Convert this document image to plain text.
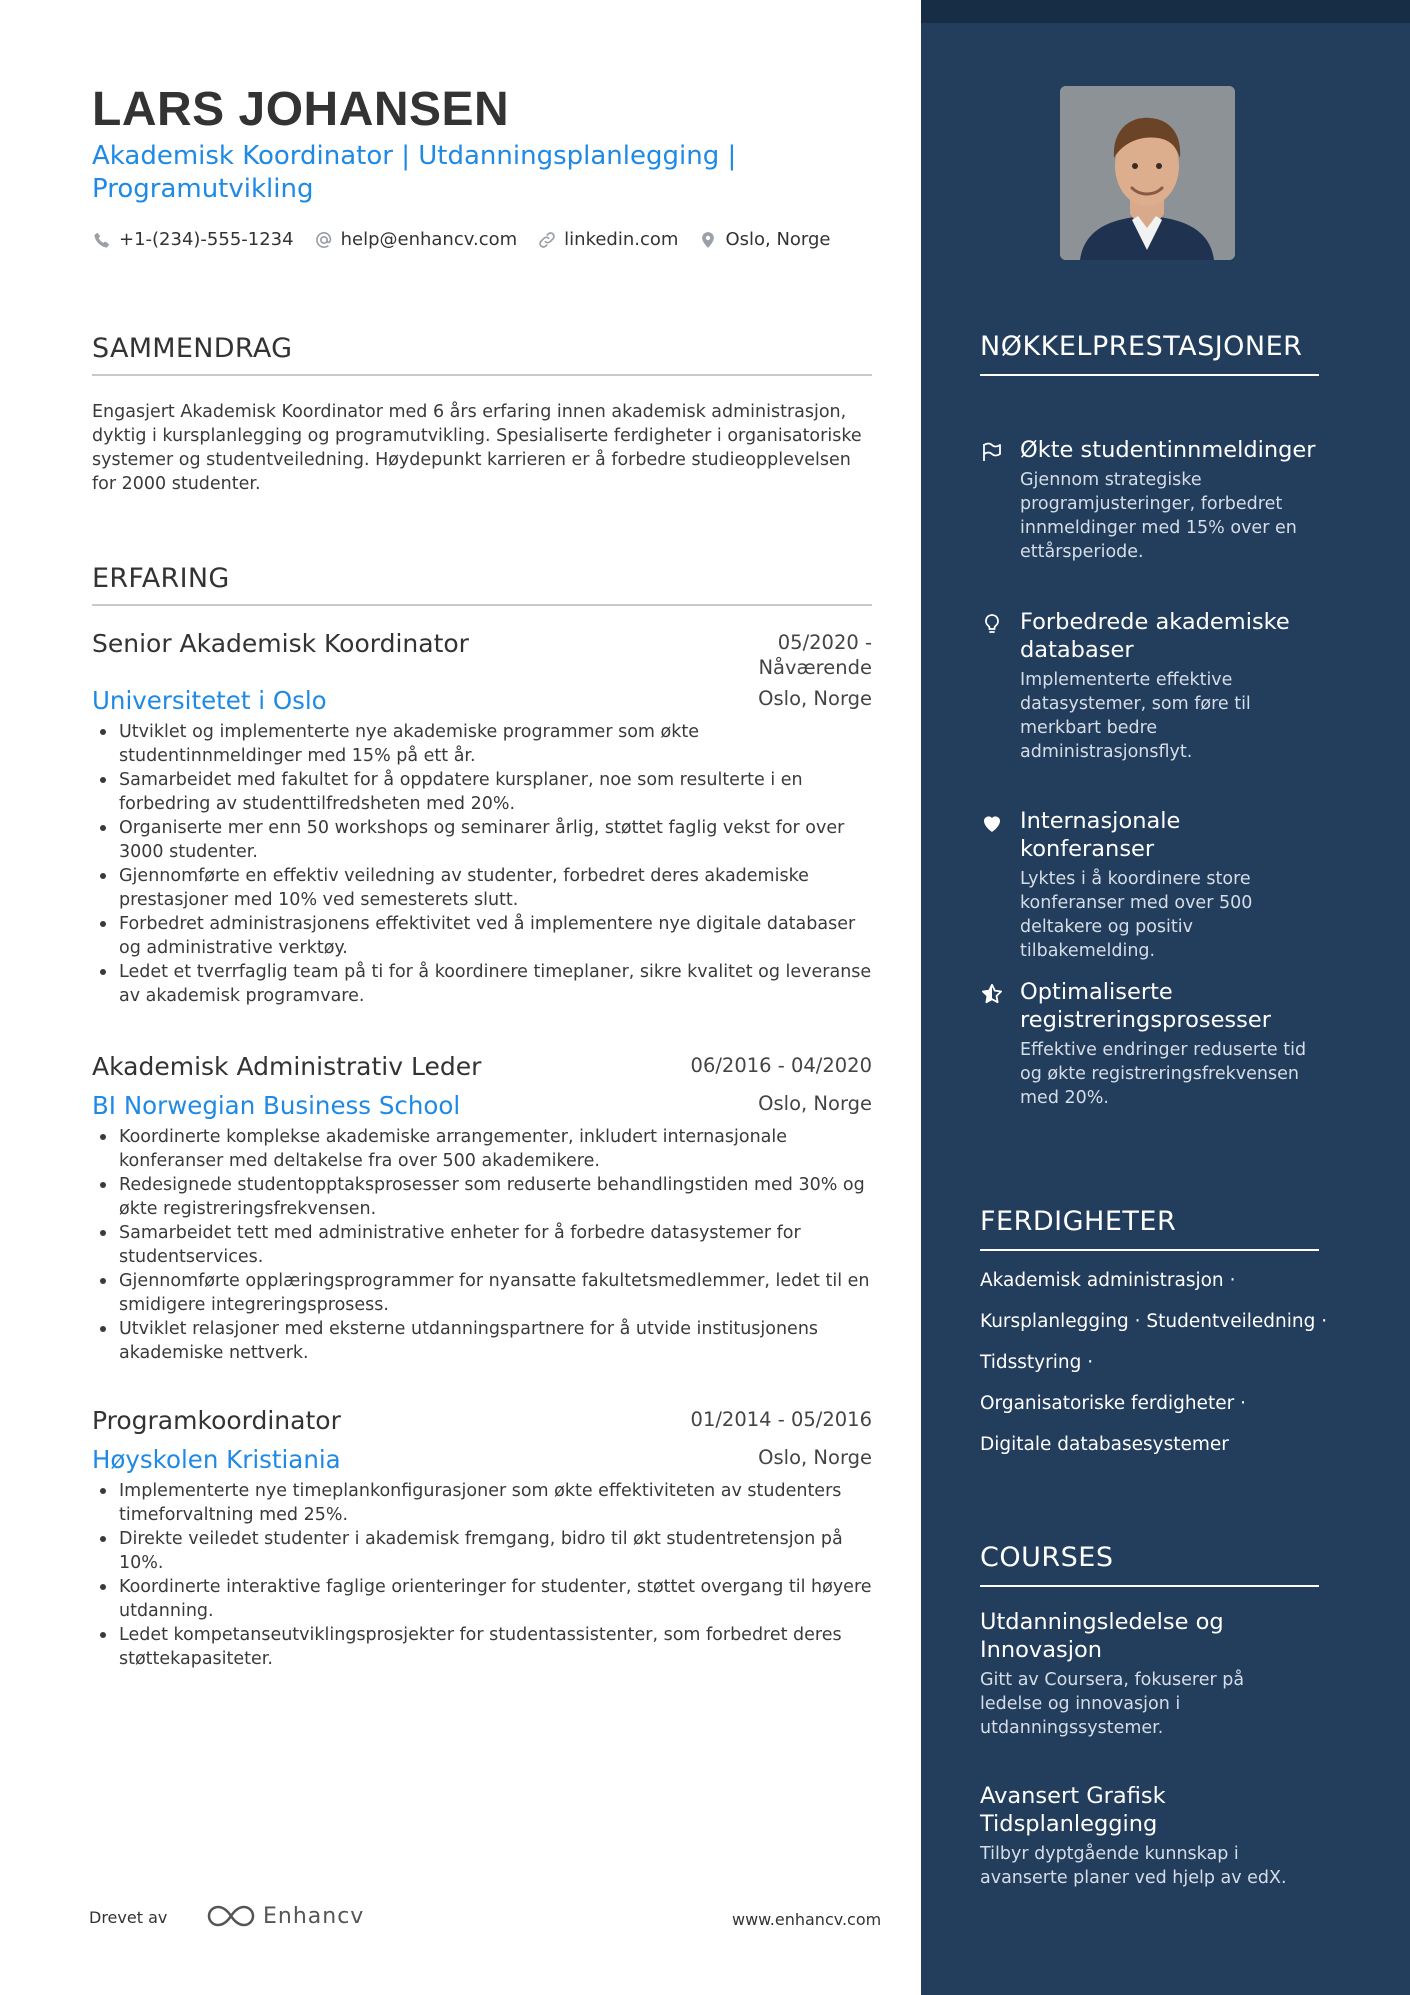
LARS JOHANSEN
Akademisk Koordinator | Utdanningsplanlegging |
Programutvikling
+1-(234)-555-1234	help@enhancv.com	linkedin.com	Oslo, Norge
SAMMENDRAG
Engasjert Akademisk Koordinator med 6 års erfaring innen akademisk administrasjon, dyktig i kursplanlegging og programutvikling. Spesialiserte ferdigheter i organisatoriske systemer og studentveiledning. Høydepunkt karrieren er å forbedre studieopplevelsen for 2000 studenter.
ERFARING
Senior Akademisk Koordinator	05/2020 -
Nåværende
Universitetet i Oslo	Oslo, Norge
Utviklet og implementerte nye akademiske programmer som økte studentinnmeldinger med 15% på ett år.
Samarbeidet med fakultet for å oppdatere kursplaner, noe som resulterte i en forbedring av studenttilfredsheten med 20%.
Organiserte mer enn 50 workshops og seminarer årlig, støttet faglig vekst for over 3000 studenter.
Gjennomførte en effektiv veiledning av studenter, forbedret deres akademiske prestasjoner med 10% ved semesterets slutt.
Forbedret administrasjonens effektivitet ved å implementere nye digitale databaser og administrative verktøy.
Ledet et tverrfaglig team på ti for å koordinere timeplaner, sikre kvalitet og leveranse av akademisk programvare.
Akademisk Administrativ Leder	06/2016 - 04/2020
BI Norwegian Business School	Oslo, Norge
Koordinerte komplekse akademiske arrangementer, inkludert internasjonale konferanser med deltakelse fra over 500 akademikere.
Redesignede studentopptaksprosesser som reduserte behandlingstiden med 30% og økte registreringsfrekvensen.
Samarbeidet tett med administrative enheter for å forbedre datasystemer for studentservices.
Gjennomførte opplæringsprogrammer for nyansatte fakultetsmedlemmer, ledet til en smidigere integreringsprosess.
Utviklet relasjoner med eksterne utdanningspartnere for å utvide institusjonens akademiske nettverk.
Programkoordinator	01/2014 - 05/2016
Høyskolen Kristiania	Oslo, Norge
Implementerte nye timeplankonfigurasjoner som økte effektiviteten av studenters timeforvaltning med 25%.
Direkte veiledet studenter i akademisk fremgang, bidro til økt studentretensjon på 10%.
Koordinerte interaktive faglige orienteringer for studenter, støttet overgang til høyere utdanning.
Ledet kompetanseutviklingsprosjekter for studentassistenter, som forbedret deres støttekapasiteter.
Drevet av	Enhancv	www.enhancv.com
NØKKELPRESTASJONER
Økte studentinnmeldinger
Gjennom strategiske programjusteringer, forbedret innmeldinger med 15% over en ettårsperiode.
Forbedrede akademiske databaser
Implementerte effektive datasystemer, som føre til merkbart bedre administrasjonsflyt.
Internasjonale konferanser
Lyktes i å koordinere store konferanser med over 500 deltakere og positiv tilbakemelding.
Optimaliserte registreringsprosesser
Effektive endringer reduserte tid og økte registreringsfrekvensen med 20%.
FERDIGHETER
Akademisk administrasjon ·
Kursplanlegging · Studentveiledning ·
Tidsstyring ·
Organisatoriske ferdigheter ·
Digitale databasesystemer
COURSES
Utdanningsledelse og Innovasjon
Gitt av Coursera, fokuserer på ledelse og innovasjon i utdanningssystemer.
Avansert Grafisk Tidsplanlegging
Tilbyr dyptgående kunnskap i avanserte planer ved hjelp av edX.
